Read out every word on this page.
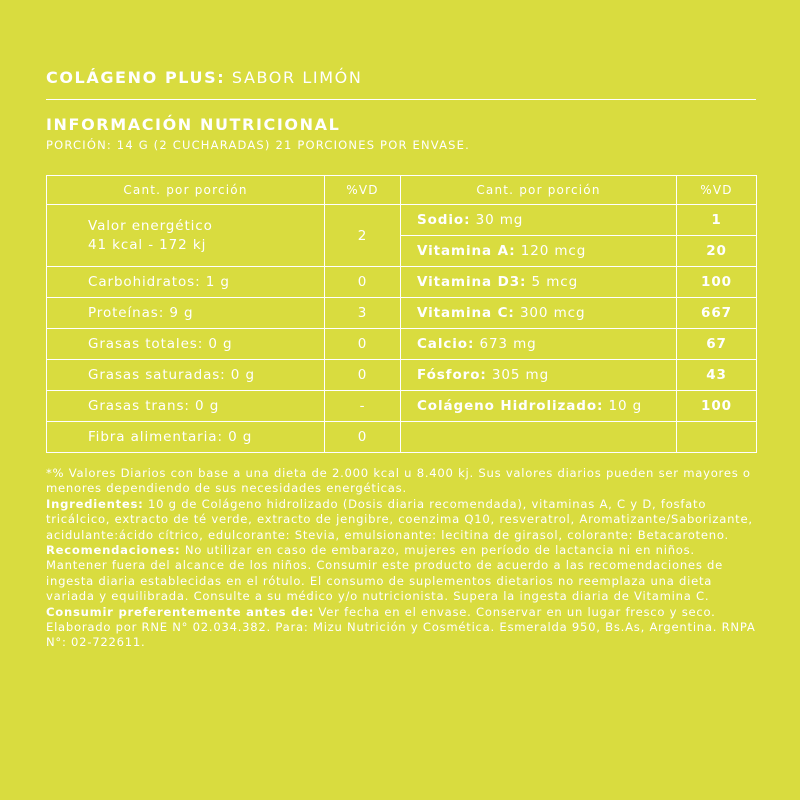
COLÁGENO PLUS: SABOR LIMÓN
INFORMACIÓN NUTRICIONAL
PORCIÓN: 14 G (2 CUCHARADAS) 21 PORCIONES POR ENVASE.
Cant. por porción	%VD	Cant. por porción	%VD
Valor energético
41 kcal - 172 kj	2	Sodio: 30 mg	1
		Vitamina A: 120 mcg	20
Carbohidratos: 1 g	0	Vitamina D3: 5 mcg	100
Proteínas: 9 g	3	Vitamina C: 300 mcg	667
Grasas totales: 0 g	0	Calcio: 673 mg	67
Grasas saturadas: 0 g	0	Fósforo: 305 mg	43
Grasas trans: 0 g	-	Colágeno Hidrolizado: 10 g	100
Fibra alimentaria: 0 g	0		

*% Valores Diarios con base a una dieta de 2.000 kcal u 8.400 kj. Sus valores diarios pueden ser mayores o menores dependiendo de sus necesidades energéticas.

Ingredientes: 10 g de Colágeno hidrolizado (Dosis diaria recomendada), vitaminas A, C y D, fosfato tricálcico, extracto de té verde, extracto de jengibre, coenzima Q10, resveratrol, Aromatizante/Saborizante, acidulante:ácido cítrico, edulcorante: Stevia, emulsionante: lecitina de girasol, colorante: Betacaroteno.

Recomendaciones: No utilizar en caso de embarazo, mujeres en período de lactancia ni en niños.

Mantener fuera del alcance de los niños. Consumir este producto de acuerdo a las recomendaciones de ingesta diaria establecidas en el rótulo. El consumo de suplementos dietarios no reemplaza una dieta variada y equilibrada. Consulte a su médico y/o nutricionista. Supera la ingesta diaria de Vitamina C.

Consumir preferentemente antes de: Ver fecha en el envase. Conservar en un lugar fresco y seco.

Elaborado por RNE N° 02.034.382. Para: Mizu Nutrición y Cosmética. Esmeralda 950, Bs.As, Argentina. RNPA N°: 02-722611.
